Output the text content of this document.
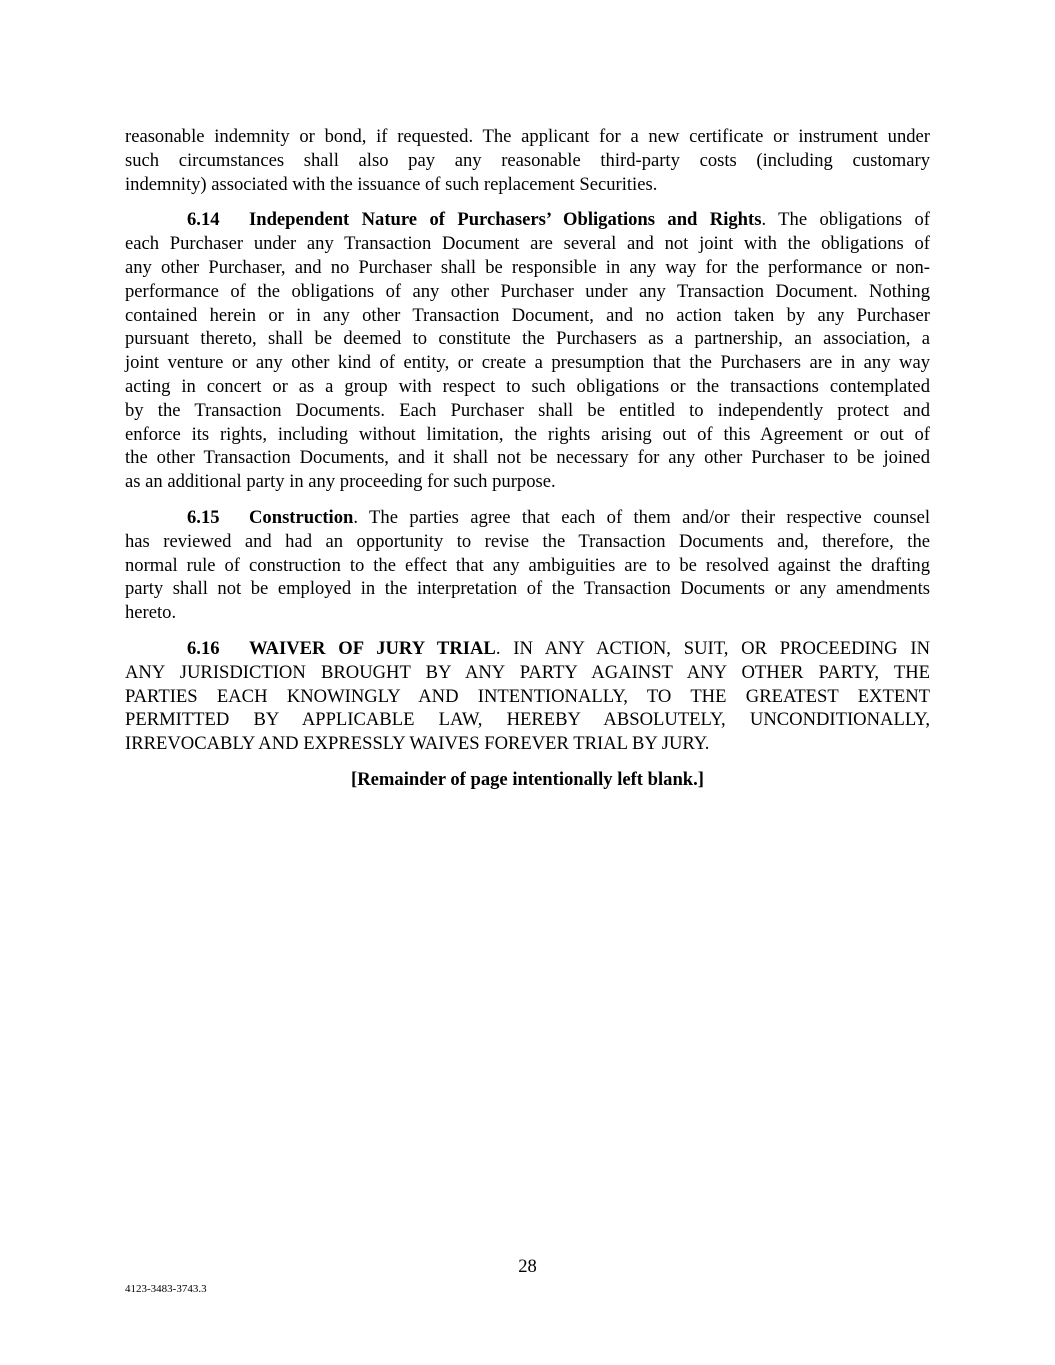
reasonable indemnity or bond, if requested. The applicant for a new certificate or instrument under
such circumstances shall also pay any reasonable third-party costs (including customary
indemnity) associated with the issuance of such replacement Securities.
6.14 Independent Nature of Purchasers’ Obligations and Rights. The obligations of
each Purchaser under any Transaction Document are several and not joint with the obligations of
any other Purchaser, and no Purchaser shall be responsible in any way for the performance or non-
performance of the obligations of any other Purchaser under any Transaction Document. Nothing
contained herein or in any other Transaction Document, and no action taken by any Purchaser
pursuant thereto, shall be deemed to constitute the Purchasers as a partnership, an association, a
joint venture or any other kind of entity, or create a presumption that the Purchasers are in any way
acting in concert or as a group with respect to such obligations or the transactions contemplated
by the Transaction Documents. Each Purchaser shall be entitled to independently protect and
enforce its rights, including without limitation, the rights arising out of this Agreement or out of
the other Transaction Documents, and it shall not be necessary for any other Purchaser to be joined
as an additional party in any proceeding for such purpose.
6.15 Construction. The parties agree that each of them and/or their respective counsel
has reviewed and had an opportunity to revise the Transaction Documents and, therefore, the
normal rule of construction to the effect that any ambiguities are to be resolved against the drafting
party shall not be employed in the interpretation of the Transaction Documents or any amendments
hereto.
6.16 WAIVER OF JURY TRIAL. IN ANY ACTION, SUIT, OR PROCEEDING IN
ANY JURISDICTION BROUGHT BY ANY PARTY AGAINST ANY OTHER PARTY, THE
PARTIES EACH KNOWINGLY AND INTENTIONALLY, TO THE GREATEST EXTENT
PERMITTED BY APPLICABLE LAW, HEREBY ABSOLUTELY, UNCONDITIONALLY,
IRREVOCABLY AND EXPRESSLY WAIVES FOREVER TRIAL BY JURY.
[Remainder of page intentionally left blank.]
28
4123-3483-3743.3
